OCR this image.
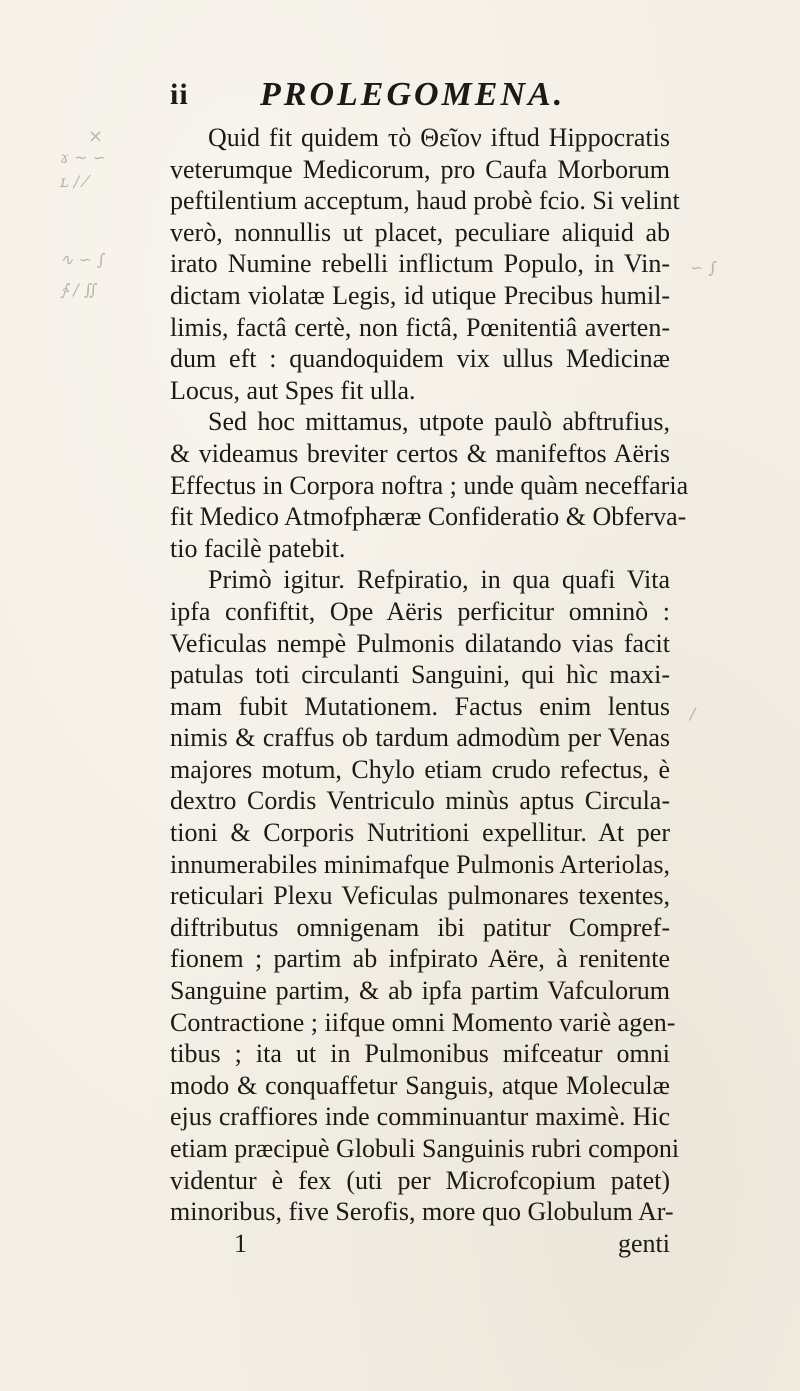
×
ɤ ~ ∽
ʟ ∕ ⁄
∿ ∽ ∫
∱ ∕ ∬
∽ ∫
∕
ii PROLEGOMENA.
Quid fit quidem τὸ Θεῖον iftud Hippocratis
veterumque Medicorum, pro Caufa Morborum
peftilentium acceptum, haud probè fcio. Si velint
verò, nonnullis ut placet, peculiare aliquid ab
irato Numine rebelli inflictum Populo, in Vin-
dictam violatæ Legis, id utique Precibus humil-
limis, factâ certè, non fictâ, Pœnitentiâ averten-
dum eft : quandoquidem vix ullus Medicinæ
Locus, aut Spes fit ulla.
Sed hoc mittamus, utpote paulò abftrufius,
& videamus breviter certos & manifeftos Aëris
Effectus in Corpora noftra ; unde quàm neceffaria
fit Medico Atmofphæræ Confideratio & Obferva-
tio facilè patebit.
Primò igitur. Refpiratio, in qua quafi Vita
ipfa confiftit, Ope Aëris perficitur omninò :
Veficulas nempè Pulmonis dilatando vias facit
patulas toti circulanti Sanguini, qui hìc maxi-
mam fubit Mutationem. Factus enim lentus
nimis & craffus ob tardum admodùm per Venas
majores motum, Chylo etiam crudo refectus, è
dextro Cordis Ventriculo minùs aptus Circula-
tioni & Corporis Nutritioni expellitur. At per
innumerabiles minimafque Pulmonis Arteriolas,
reticulari Plexu Veficulas pulmonares texentes,
diftributus omnigenam ibi patitur Compref-
fionem ; partim ab infpirato Aëre, à renitente
Sanguine partim, & ab ipfa partim Vafculorum
Contractione ; iifque omni Momento variè agen-
tibus ; ita ut in Pulmonibus mifceatur omni
modo & conquaffetur Sanguis, atque Moleculæ
ejus craffiores inde comminuantur maximè. Hic
etiam præcipuè Globuli Sanguinis rubri componi
videntur è fex (uti per Microfcopium patet)
minoribus, five Serofis, more quo Globulum Ar-
1	genti
